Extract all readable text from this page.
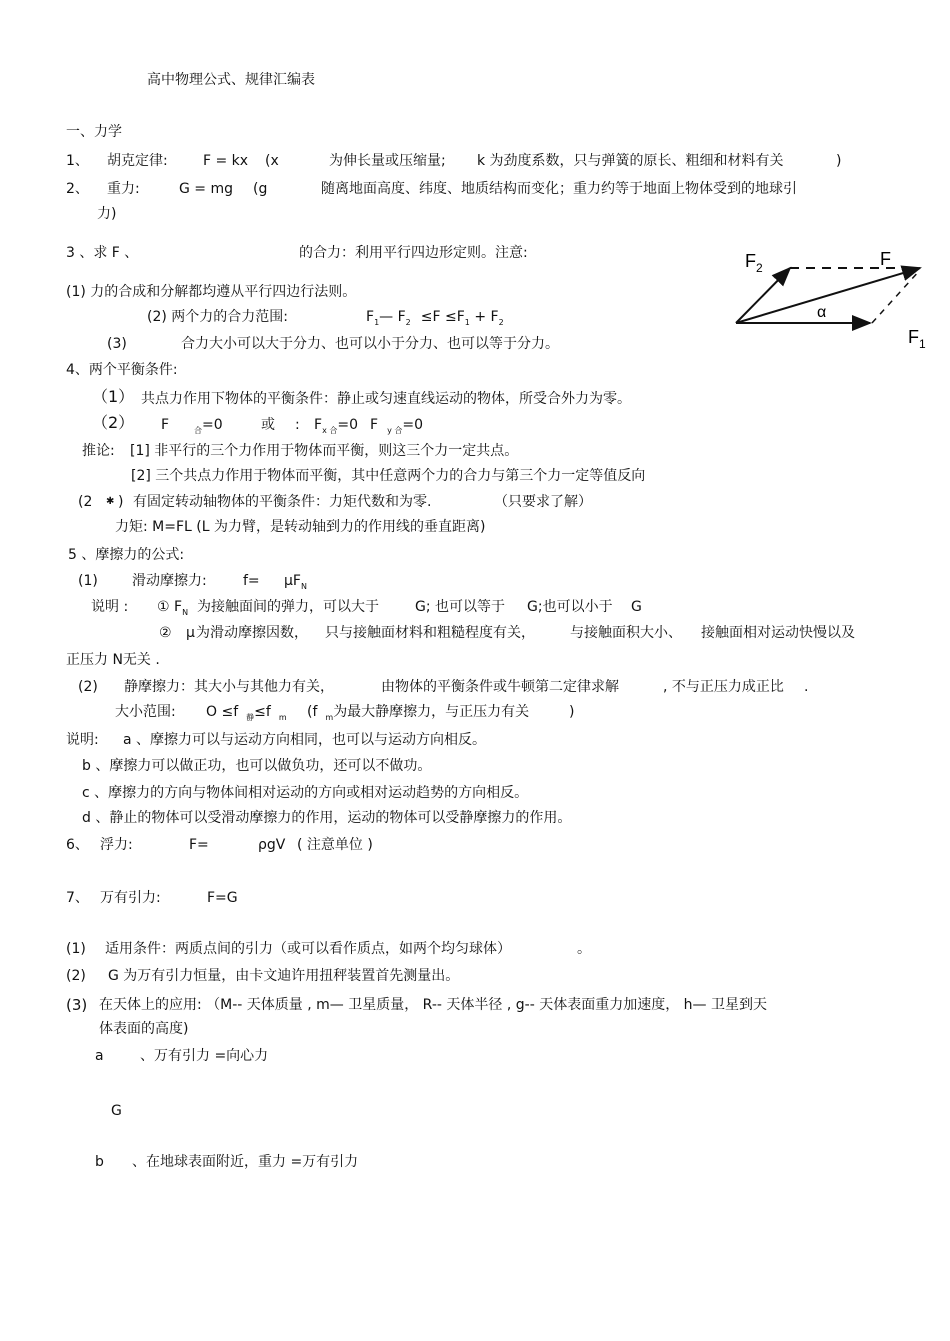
高中物理公式、规律汇编表
一、力学
1、 胡克定律:	F = kx (x	为伸长量或压缩量; k 为劲度系数，只与弹簧的原长、粗细和材料有关	)
2、 重力:	G = mg (g	随离地面高度、纬度、地质结构而变化；重力约等于地面上物体受到的地球引
力)
3 、求 F 、	的合力：利用平行四边形定则。注意:
(1) 力的合成和分解都均遵从平行四边行法则。
(2) 两个力的合力范围:	$F_1—$ $F_2 \le F \le F_1 + F_2$
(3)	合力大小可以大于分力、也可以小于分力、也可以等于分力。
$F_2$	F
α
$F_1$
4、两个平衡条件:
（1） 共点力作用下物体的平衡条件：静止或匀速直线运动的物体，所受合外力为零。
（2） F	$_合$=0	或 : $F_{x 合}=0$ F $_{y 合}$=0
推论: [1] 非平行的三个力作用于物体而平衡，则这三个力一定共点。
[2] 三个共点力作用于物体而平衡，其中任意两个力的合力与第三个力一定等值反向
(2 ✱ ) 有固定转动轴物体的平衡条件：力矩代数和为零.	（只要求了解）
力矩: M=FL (L 为力臂，是转动轴到力的作用线的垂直距离)
5 、摩擦力的公式:
(1) 滑动摩擦力:	$f= \mu F_N$
说明 : ① $F_N$ 为接触面间的弹力，可以大于	G; 也可以等于 G;也可以小于 G
② μ 为滑动摩擦因数， 只与接触面材料和粗糙程度有关，	与接触面积大小、 接触面相对运动快慢以及
正压力 N无关 .
(2) 静摩擦力：其大小与其他力有关，	由物体的平衡条件或牛顿第二定律求解	, 不与正压力成正比 .
大小范围: O ≤f $_静$≤f $_m$ (f $_m$为最大静摩擦力，与正压力有关	)
说明: a 、摩擦力可以与运动方向相同，也可以与运动方向相反。
b 、摩擦力可以做正功，也可以做负功，还可以不做功。
c 、摩擦力的方向与物体间相对运动的方向或相对运动趋势的方向相反。
d 、静止的物体可以受滑动摩擦力的作用，运动的物体可以受静摩擦力的作用。
6、 浮力:	F=	ρgV ( 注意单位 )
7、 万有引力:	F=G
(1) 适用条件：两质点间的引力（或可以看作质点，如两个均匀球体）	。
(2) G 为万有引力恒量，由卡文迪许用扭秤装置首先测量出。
(3) 在天体上的应用: （M-- 天体质量 , m— 卫星质量， R-- 天体半径 , g-- 天体表面重力加速度， h— 卫星到天
体表面的高度)
a	、万有引力 =向心力
G
b 、在地球表面附近，重力 =万有引力
